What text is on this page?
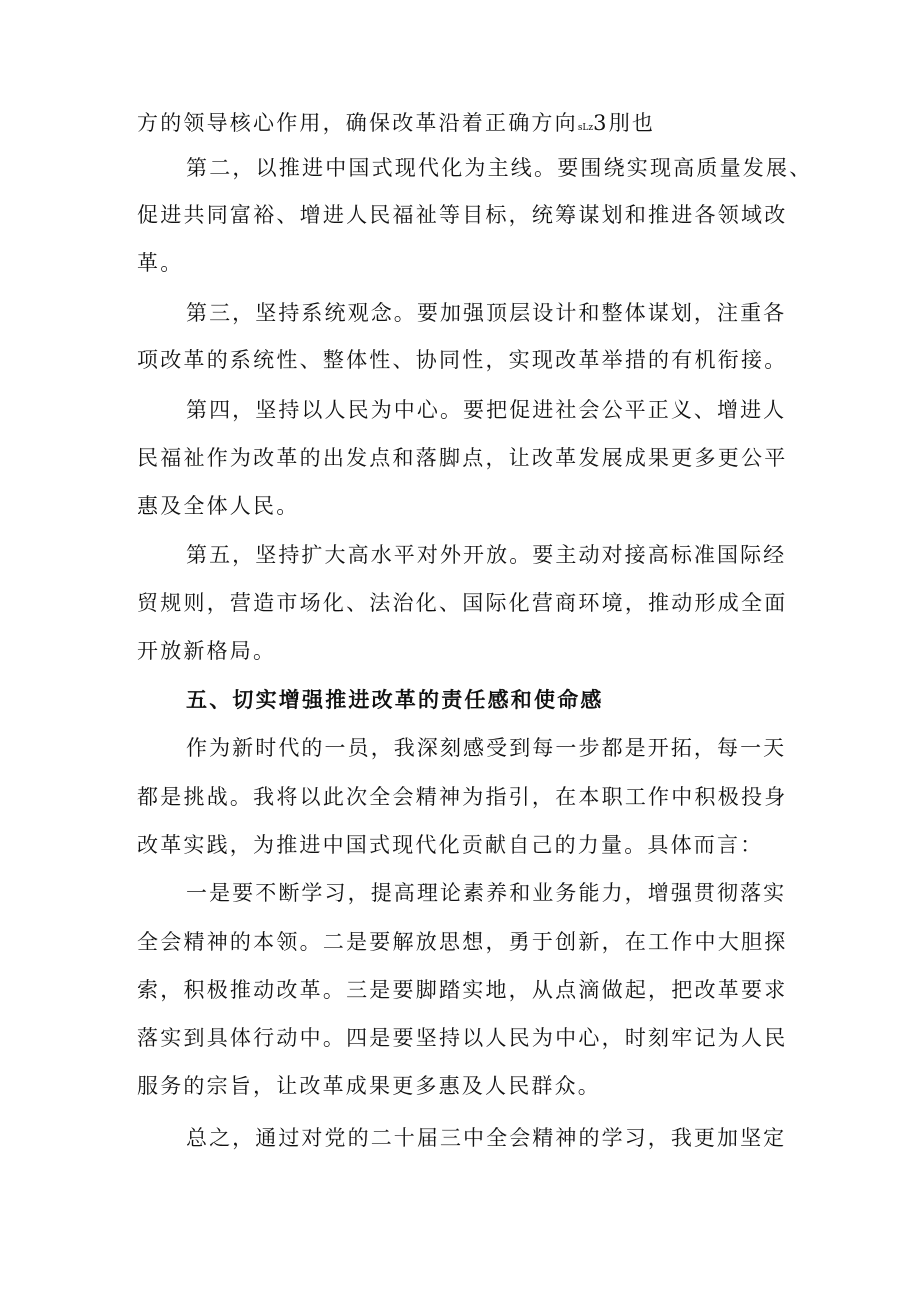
方的领导核心作用，确保改革沿着正确方向sLz3刖也
第二，以推进中国式现代化为主线。要围绕实现高质量发展、
促进共同富裕、增进人民福祉等目标，统筹谋划和推进各领域改
革。
第三，坚持系统观念。要加强顶层设计和整体谋划，注重各
项改革的系统性、整体性、协同性，实现改革举措的有机衔接。
第四，坚持以人民为中心。要把促进社会公平正义、增进人
民福祉作为改革的出发点和落脚点，让改革发展成果更多更公平
惠及全体人民。
第五，坚持扩大高水平对外开放。要主动对接高标准国际经
贸规则，营造市场化、法治化、国际化营商环境，推动形成全面
开放新格局。
五、切实增强推进改革的责任感和使命感
作为新时代的一员，我深刻感受到每一步都是开拓，每一天
都是挑战。我将以此次全会精神为指引，在本职工作中积极投身
改革实践，为推进中国式现代化贡献自己的力量。具体而言：
一是要不断学习，提高理论素养和业务能力，增强贯彻落实
全会精神的本领。二是要解放思想，勇于创新，在工作中大胆探
索，积极推动改革。三是要脚踏实地，从点滴做起，把改革要求
落实到具体行动中。四是要坚持以人民为中心，时刻牢记为人民
服务的宗旨，让改革成果更多惠及人民群众。
总之，通过对党的二十届三中全会精神的学习，我更加坚定
